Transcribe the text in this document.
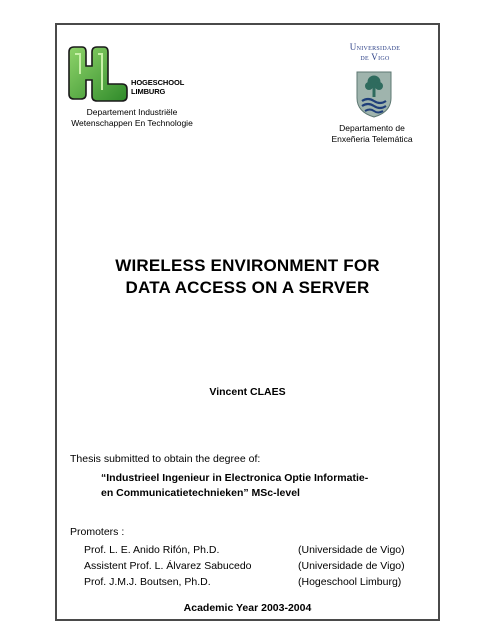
HOGESCHOOL
LIMBURG
Departement Industriële
Wetenschappen En Technologie
Universidade
de Vigo
Departamento de
Enxeñeria Telemática
WIRELESS ENVIRONMENT FOR
DATA ACCESS ON A SERVER
Vincent CLAES
Thesis submitted to obtain the degree of:
“Industrieel Ingenieur in Electronica Optie Informatie-
en Communicatietechnieken” MSc-level
Promoters :
Prof. L. E. Anido Rifón, Ph.D.	(Universidade de Vigo)
Assistent Prof. L. Álvarez Sabucedo	(Universidade de Vigo)
Prof. J.M.J. Boutsen, Ph.D.	(Hogeschool Limburg)
Academic Year 2003-2004
